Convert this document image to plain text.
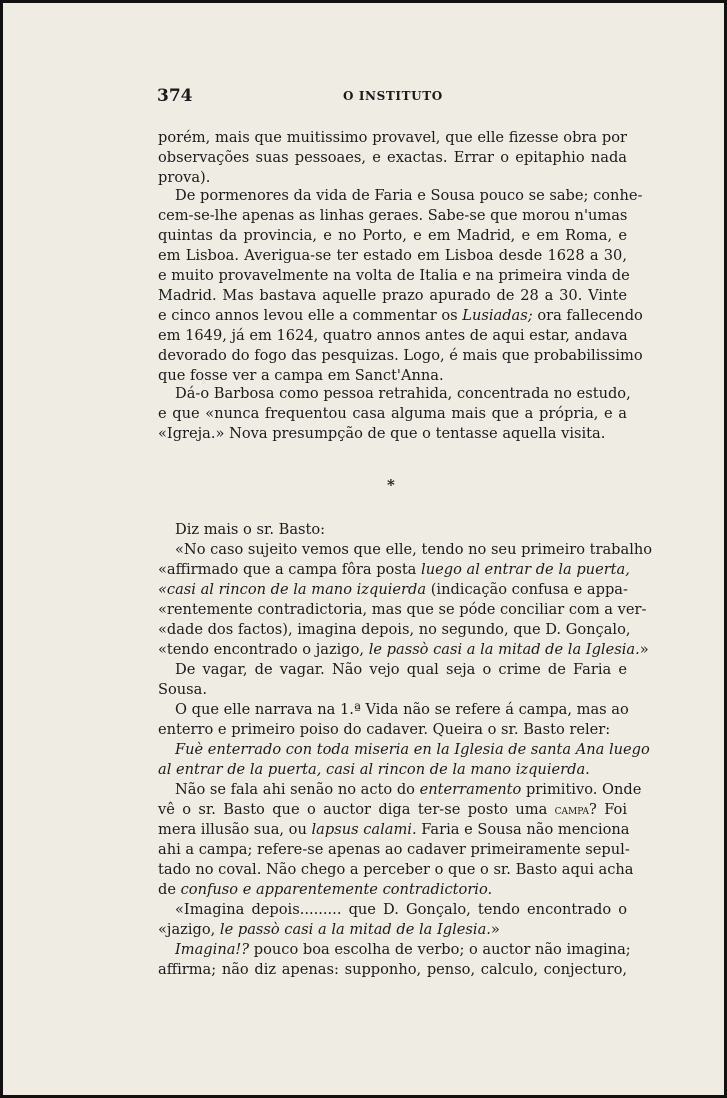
374	O INSTITUTO
porém, mais que muitissimo provavel, que elle fizesse obra por
observações suas pessoaes, e exactas. Errar o epitaphio nada
prova).
De pormenores da vida de Faria e Sousa pouco se sabe; conhe-
cem-se-lhe apenas as linhas geraes. Sabe-se que morou n'umas
quintas da provincia, e no Porto, e em Madrid, e em Roma, e
em Lisboa. Averigua-se ter estado em Lisboa desde 1628 a 30,
e muito provavelmente na volta de Italia e na primeira vinda de
Madrid. Mas bastava aquelle prazo apurado de 28 a 30. Vinte
e cinco annos levou elle a commentar os Lusiadas; ora fallecendo
em 1649, já em 1624, quatro annos antes de aqui estar, andava
devorado do fogo das pesquizas. Logo, é mais que probabilissimo
que fosse ver a campa em Sanct'Anna.
Dá-o Barbosa como pessoa retrahida, concentrada no estudo,
e que «nunca frequentou casa alguma mais que a própria, e a
«Igreja.» Nova presumpção de que o tentasse aquella visita.
*
Diz mais o sr. Basto:
«No caso sujeito vemos que elle, tendo no seu primeiro trabalho
«affirmado que a campa fôra posta luego al entrar de la puerta,
«casi al rincon de la mano izquierda (indicação confusa e appa-
«rentemente contradictoria, mas que se póde conciliar com a ver-
«dade dos factos), imagina depois, no segundo, que D. Gonçalo,
«tendo encontrado o jazigo, le passò casi a la mitad de la Iglesia.»
De vagar, de vagar. Não vejo qual seja o crime de Faria e
Sousa.
O que elle narrava na 1.ª Vida não se refere á campa, mas ao
enterro e primeiro poiso do cadaver. Queira o sr. Basto reler:
Fuè enterrado con toda miseria en la Iglesia de santa Ana luego
al entrar de la puerta, casi al rincon de la mano izquierda.
Não se fala ahi senão no acto do enterramento primitivo. Onde
vê o sr. Basto que o auctor diga ter-se posto uma campa? Foi
mera illusão sua, ou lapsus calami. Faria e Sousa não menciona
ahi a campa; refere-se apenas ao cadaver primeiramente sepul-
tado no coval. Não chego a perceber o que o sr. Basto aqui acha
de confuso e apparentemente contradictorio.
«Imagina depois......... que D. Gonçalo, tendo encontrado o
«jazigo, le passò casi a la mitad de la Iglesia.»
Imagina!? pouco boa escolha de verbo; o auctor não imagina;
affirma; não diz apenas: supponho, penso, calculo, conjecturo,
